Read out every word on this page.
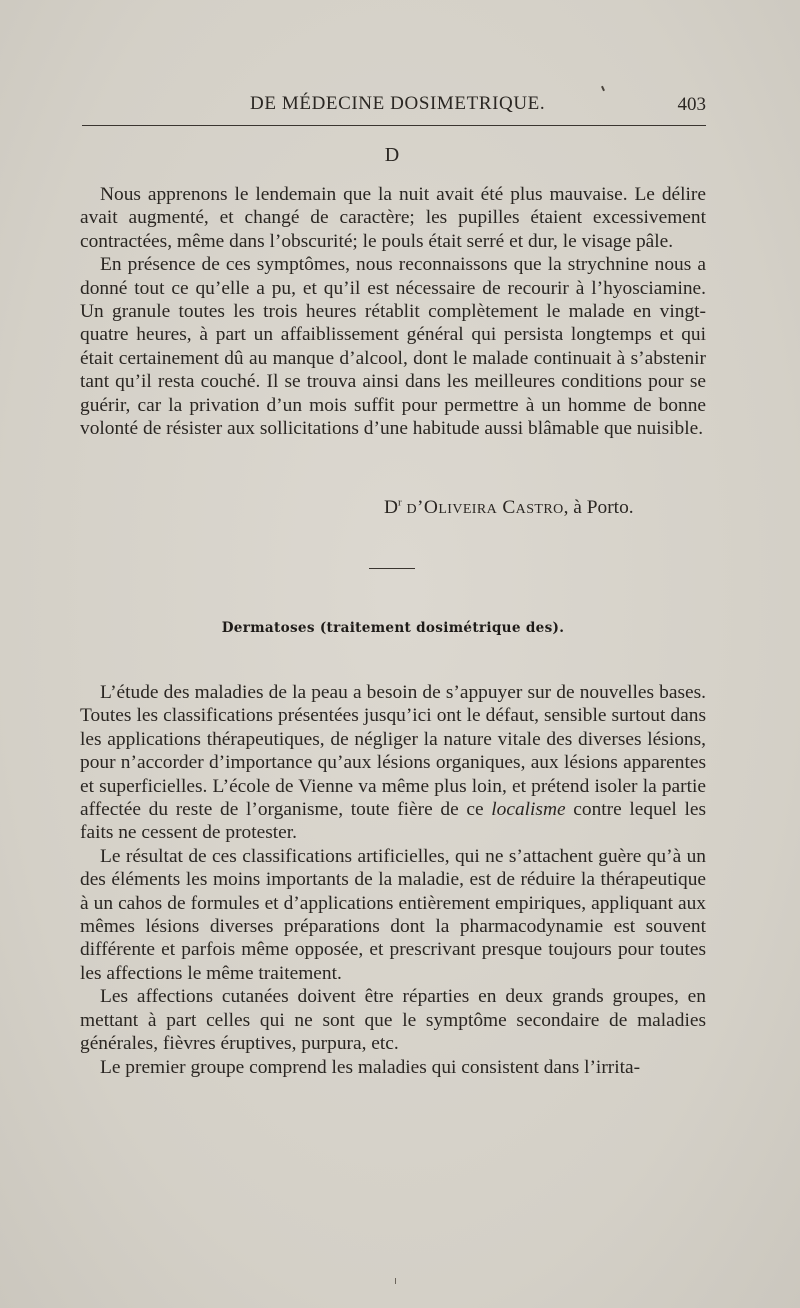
DE MÉDECINE DOSIMETRIQUE.	403
D

Nous apprenons le lendemain que la nuit avait été plus mauvaise. Le délire avait augmenté, et changé de caractère; les pupilles étaient excessivement contractées, même dans l’obscurité; le pouls était serré et dur, le visage pâle.

En présence de ces symptômes, nous reconnaissons que la strychnine nous a donné tout ce qu’elle a pu, et qu’il est nécessaire de recourir à l’hyosciamine. Un granule toutes les trois heures rétablit complètement le malade en vingt-quatre heures, à part un affaiblissement général qui persista longtemps et qui était certainement dû au manque d’alcool, dont le malade continuait à s’abstenir tant qu’il resta couché. Il se trouva ainsi dans les meilleures conditions pour se guérir, car la privation d’un mois suffit pour permettre à un homme de bonne volonté de résister aux sollicitations d’une habitude aussi blâmable que nuisible.

$D^r$ d’Oliveira Castro, à Porto.
Dermatoses (traitement dosimétrique des).

L’étude des maladies de la peau a besoin de s’appuyer sur de nouvelles bases. Toutes les classifications présentées jusqu’ici ont le défaut, sensible surtout dans les applications thérapeutiques, de négliger la nature vitale des diverses lésions, pour n’accorder d’importance qu’aux lésions organiques, aux lésions apparentes et superficielles. L’école de Vienne va même plus loin, et prétend isoler la partie affectée du reste de l’organisme, toute fière de ce localisme contre lequel les faits ne cessent de protester.

Le résultat de ces classifications artificielles, qui ne s’attachent guère qu’à un des éléments les moins importants de la maladie, est de réduire la thérapeutique à un cahos de formules et d’applications entièrement empiriques, appliquant aux mêmes lésions diverses préparations dont la pharmacodynamie est souvent différente et parfois même opposée, et prescrivant presque toujours pour toutes les affections le même traitement.

Les affections cutanées doivent être réparties en deux grands groupes, en mettant à part celles qui ne sont que le symptôme secondaire de maladies générales, fièvres éruptives, purpura, etc.

Le premier groupe comprend les maladies qui consistent dans l’irrita-
